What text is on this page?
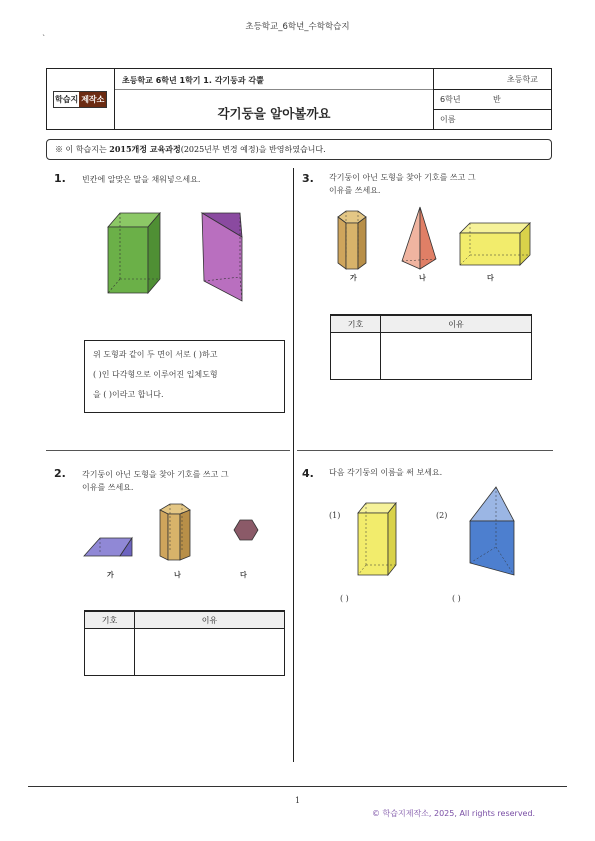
초등학교_6학년_수학학습지
`
학습지 제작소
초등학교 6학년 1학기 1. 각기둥과 각뿔
각기둥을 알아볼까요
초등학교
6학년	반
이름
※ 이 학습지는 2015개정 교육과정(2025년부 변경 예정)을 반영하였습니다.
1. 빈칸에 알맞은 말을 채워넣으세요.
위 도형과 같이 두 면이 서로 ( )하고
( )인 다각형으로 이루어진 입체도형
을 ( )이라고 합니다.
2. 각기둥이 아닌 도형을 찾아 기호를 쓰고 그
이유를 쓰세요.
가	나	다
기호	이유

3. 각기둥이 아닌 도형을 찾아 기호를 쓰고 그
이유를 쓰세요.
가	나	다
기호	이유

4. 다음 각기둥의 이름을 써 보세요.
(1)	(2)
( )	( )
1
© 학습지제작소, 2025, All rights reserved.
